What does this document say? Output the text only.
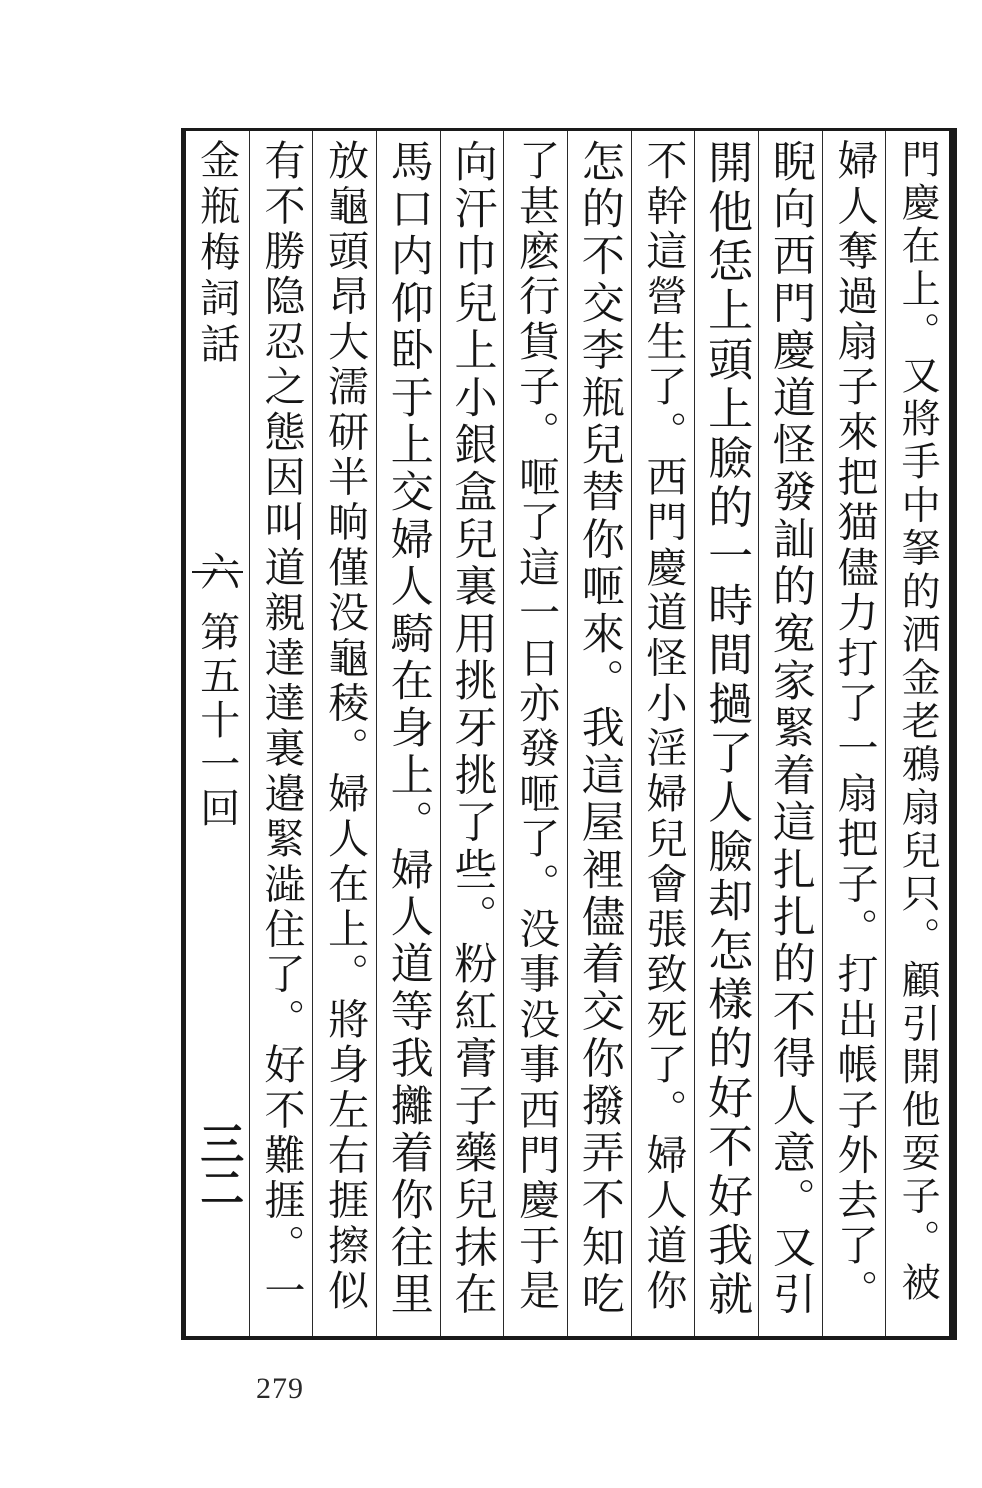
門慶在上。又將手中拏的洒金老鴉扇兒只。顧引開他耍子。被
婦人奪過扇子來把猫儘力打了一扇把子。打出帳子外去了。
睨向西門慶道怪發訕的寃家緊着這扎扎的不得人意。又引
開他恁上頭上臉的一時間撾了人臉却怎樣的好不好我就
不幹這營生了。西門慶道怪小淫婦兒會張致死了。婦人道你
怎的不交李瓶兒替你咂來。我這屋裡儘着交你撥弄不知吃
了甚麽行貨子。咂了這一日亦發咂了。没事没事西門慶于是
向汗巾兒上小銀盒兒裏用挑牙挑了些。粉紅膏子藥兒抹在
馬口内仰卧于上交婦人騎在身上。婦人道等我攡着你往里
放龜頭昂大濡研半晌僅没龜稜。婦人在上。將身左右捱擦似
有不勝隐忍之態因叫道親達達裏邉緊澁住了。好不難捱。一
金瓶梅詞話
六
第五十一回
三二
279
